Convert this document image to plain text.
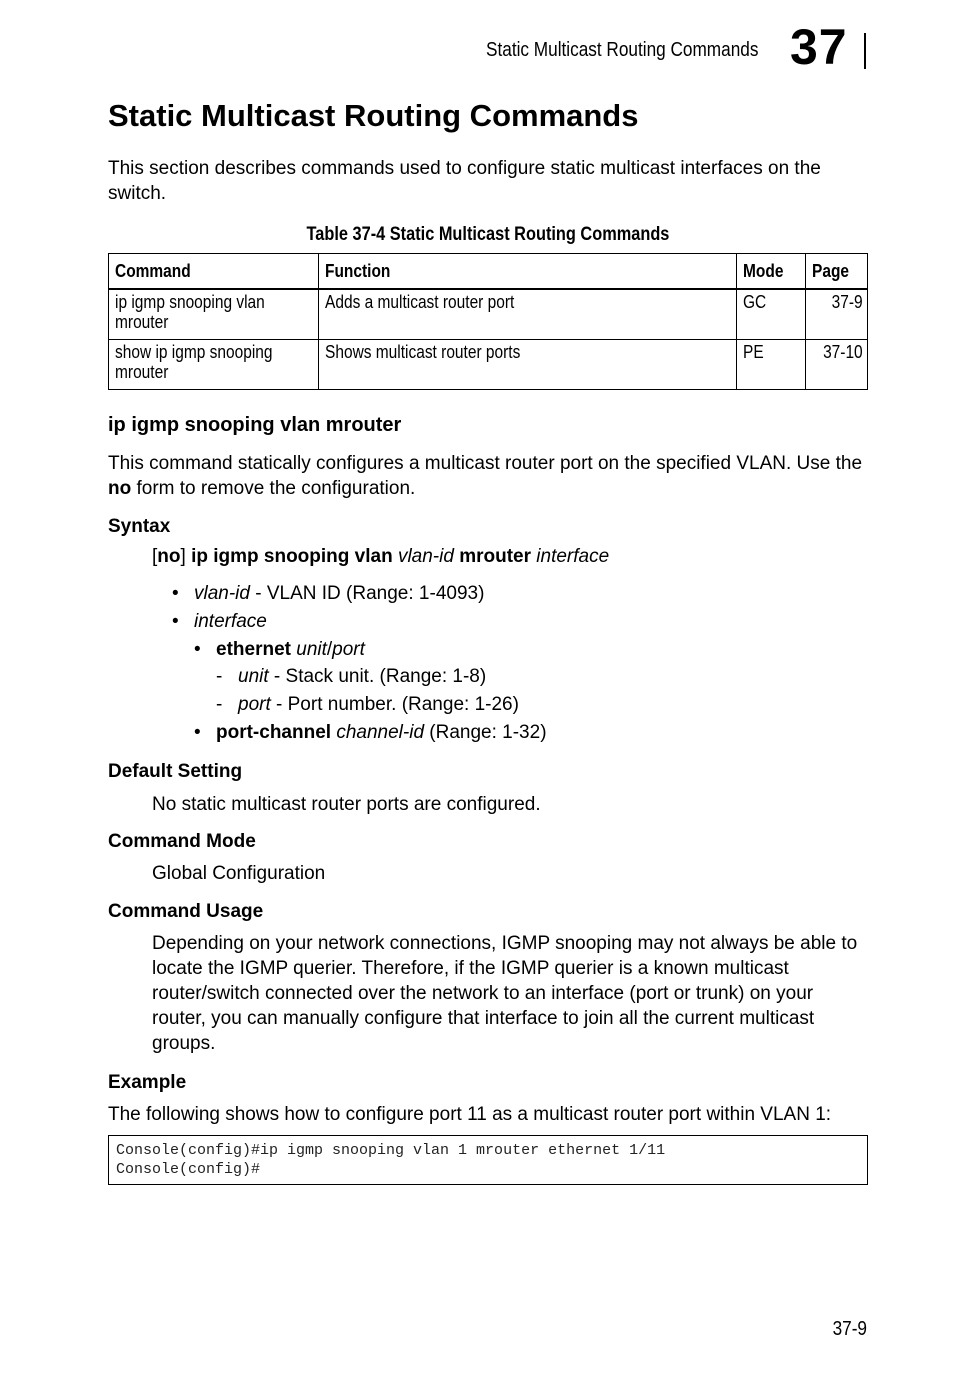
Static Multicast Routing Commands 37
Static Multicast Routing Commands
This section describes commands used to configure static multicast interfaces on the switch.
Table 37-4 Static Multicast Routing Commands
Command	Function	Mode	Page

ip igmp snooping vlan
mrouter	Adds a multicast router port	GC	37-9

show ip igmp snooping
mrouter	Shows multicast router ports	PE	37-10
ip igmp snooping vlan mrouter
This command statically configures a multicast router port on the specified VLAN. Use the no form to remove the configuration.
Syntax
[no] ip igmp snooping vlan vlan-id mrouter interface
• vlan-id - VLAN ID (Range: 1-4093)
• interface
• ethernet unit/port
- unit - Stack unit. (Range: 1-8)
- port - Port number. (Range: 1-26)
• port-channel channel-id (Range: 1-32)
Default Setting
No static multicast router ports are configured.
Command Mode
Global Configuration
Command Usage
Depending on your network connections, IGMP snooping may not always be able to locate the IGMP querier. Therefore, if the IGMP querier is a known multicast router/switch connected over the network to an interface (port or trunk) on your router, you can manually configure that interface to join all the current multicast groups.
Example
The following shows how to configure port 11 as a multicast router port within VLAN 1:
Console(config)#ip igmp snooping vlan 1 mrouter ethernet 1/11
Console(config)#
37-9
